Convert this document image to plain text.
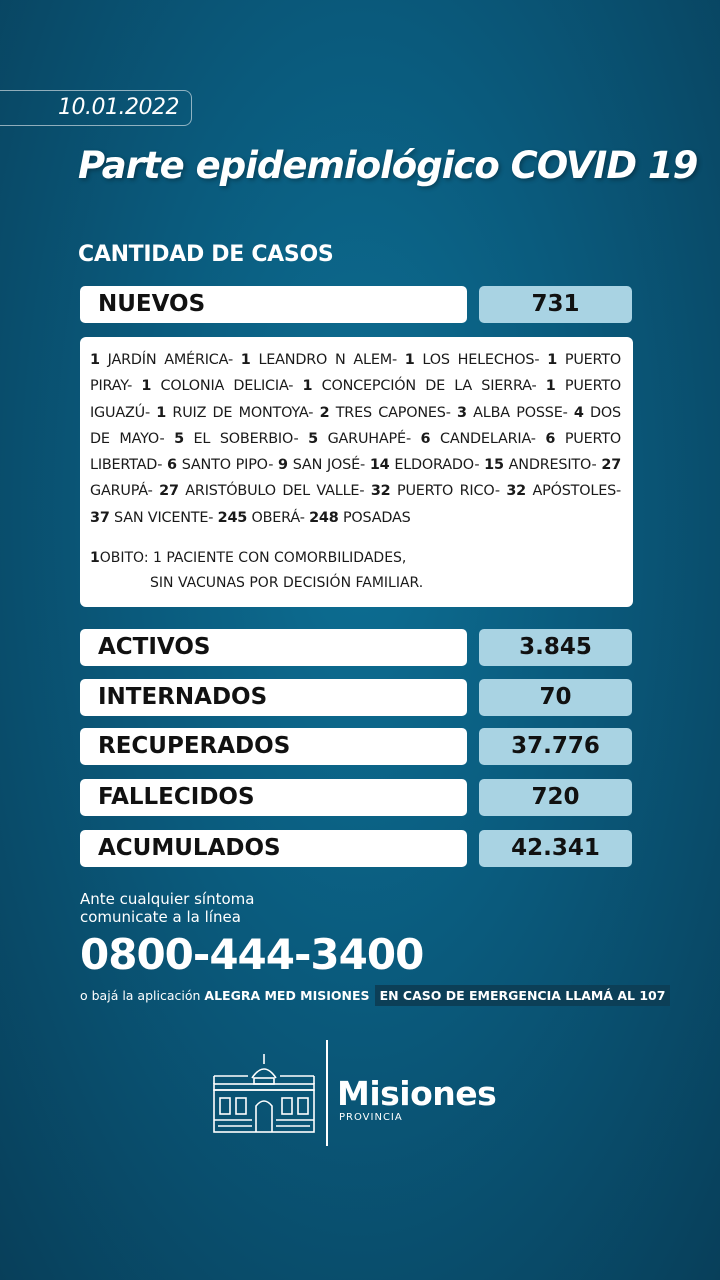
10.01.2022
Parte epidemiológico COVID 19
CANTIDAD DE CASOS
NUEVOS	731

1 JARDÍN AMÉRICA- 1 LEANDRO N ALEM- 1 LOS HELECHOS- 1 PUERTO PIRAY- 1 COLONIA DELICIA- 1 CONCEPCIÓN DE LA SIERRA- 1 PUERTO IGUAZÚ- 1 RUIZ DE MONTOYA- 2 TRES CAPONES- 3 ALBA POSSE- 4 DOS DE MAYO- 5 EL SOBERBIO- 5 GARUHAPÉ- 6 CANDELARIA- 6 PUERTO LIBERTAD- 6 SANTO PIPO- 9 SAN JOSÉ- 14 ELDORADO- 15 ANDRESITO- 27 GARUPÁ- 27 ARISTÓBULO DEL VALLE- 32 PUERTO RICO- 32 APÓSTOLES- 37 SAN VICENTE- 245 OBERÁ- 248 POSADAS

1OBITO: 1 PACIENTE CON COMORBILIDADES,
SIN VACUNAS POR DECISIÓN FAMILIAR.
ACTIVOS	3.845
INTERNADOS	70
RECUPERADOS	37.776
FALLECIDOS	720
ACUMULADOS	42.341
Ante cualquier síntoma
comunicate a la línea
0800-444-3400
o bajá la aplicación ALEGRA MED MISIONES EN CASO DE EMERGENCIA LLAMÁ AL 107
Misiones
PROVINCIA
